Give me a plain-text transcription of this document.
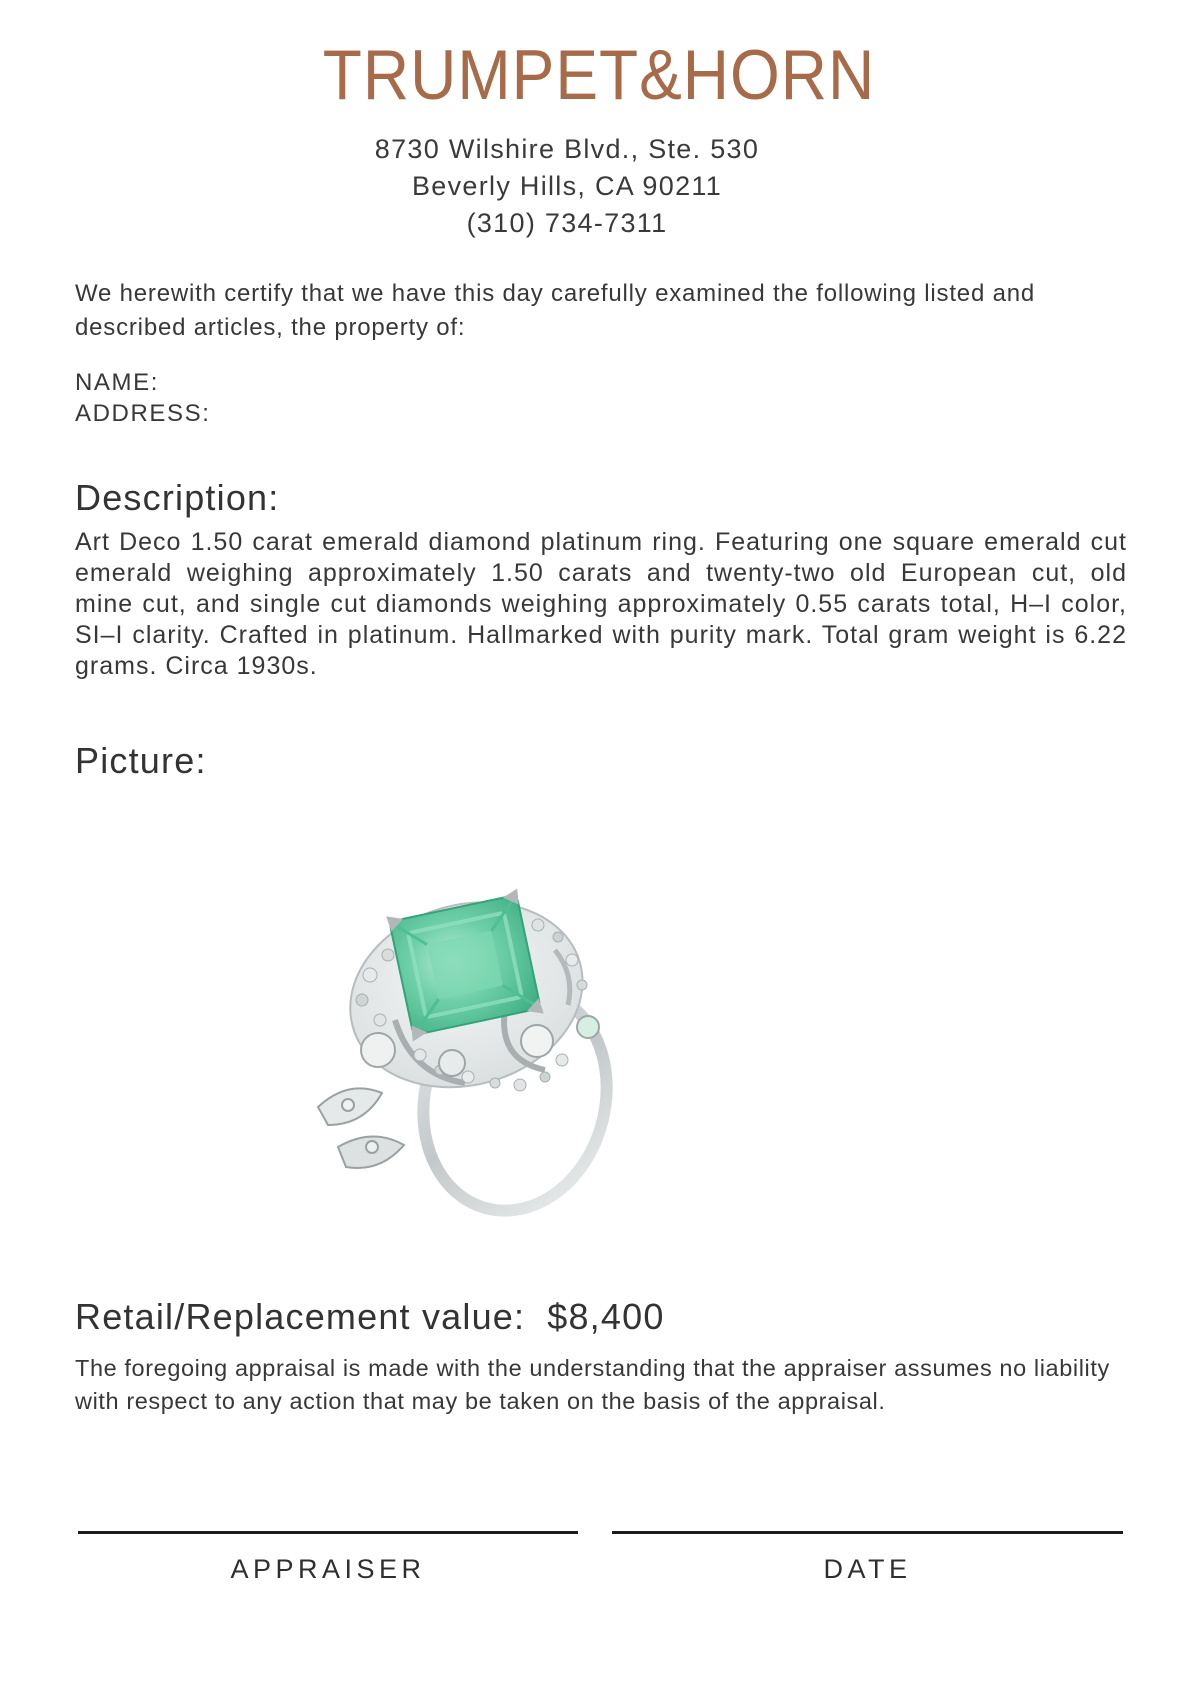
TRUMPET&HORN
8730 Wilshire Blvd., Ste. 530
Beverly Hills, CA 90211
(310) 734-7311
We herewith certify that we have this day carefully examined the following listed and described articles, the property of:
NAME:
ADDRESS:
Description:
Art Deco 1.50 carat emerald diamond platinum ring. Featuring one square emerald cut emerald weighing approximately 1.50 carats and twenty-two old European cut, old mine cut, and single cut diamonds weighing approximately 0.55 carats total, H–I color, SI–I clarity. Crafted in platinum. Hallmarked with purity mark. Total gram weight is 6.22 grams. Circa 1930s.
Picture:
Retail/Replacement value: $8,400
The foregoing appraisal is made with the understanding that the appraiser assumes no liability with respect to any action that may be taken on the basis of the appraisal.
APPRAISER	DATE
